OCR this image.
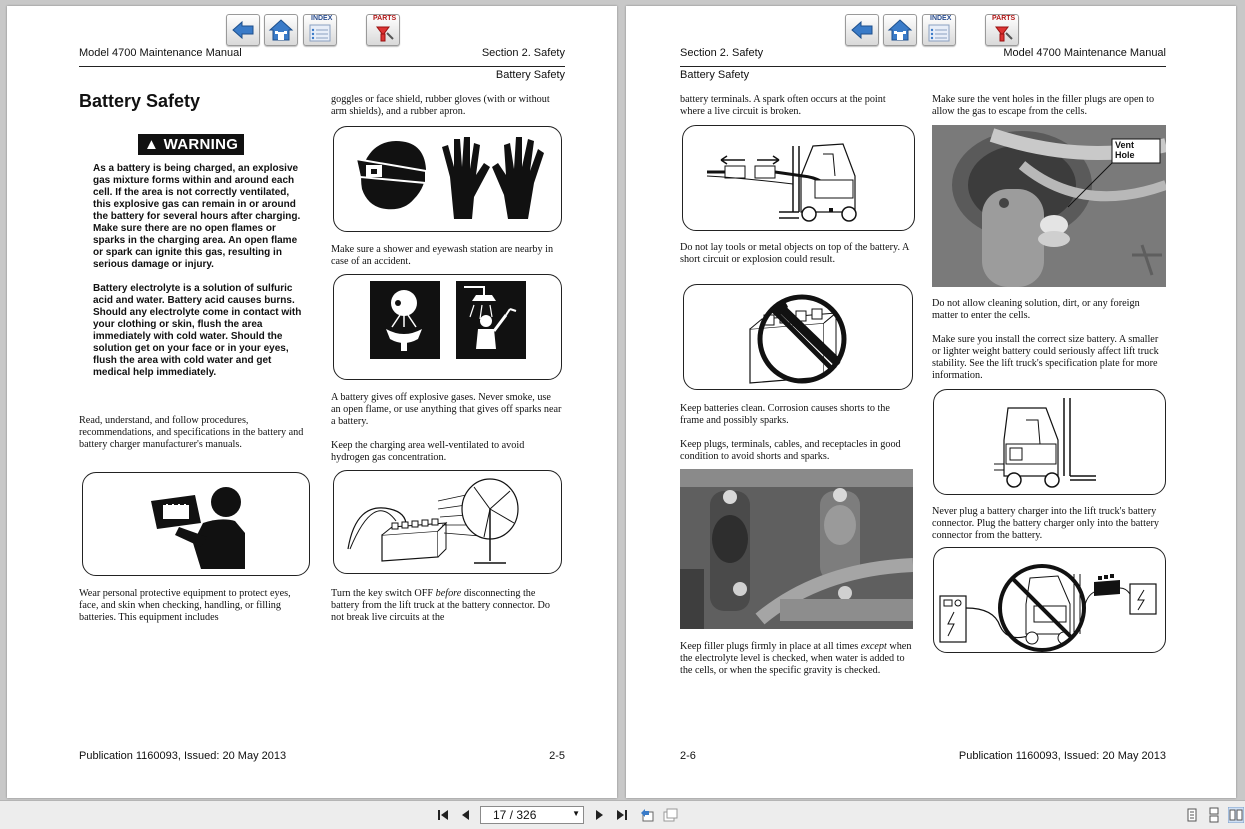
INDEX	PARTS
Model 4700 Maintenance Manual	Section 2. Safety
Battery Safety
Battery Safety
▲ WARNING

As a battery is being charged, an explosive gas mixture forms within and around each cell. If the area is not correctly ventilated, this explosive gas can remain in or around the battery for several hours after charging. Make sure there are no open flames or sparks in the charging area. An open flame or spark can ignite this gas, resulting in serious damage or injury.

Battery electrolyte is a solution of sulfuric acid and water. Battery acid causes burns. Should any electrolyte come in contact with your clothing or skin, flush the area immediately with cold water. Should the solution get on your face or in your eyes, flush the area with cold water and get medical help immediately.

Read, understand, and follow procedures, recommendations, and specifications in the battery and battery charger manufacturer's manuals.
Wear personal protective equipment to protect eyes, face, and skin when checking, handling, or filling batteries. This equipment includes
goggles or face shield, rubber gloves (with or without arm shields), and a rubber apron.
Make sure a shower and eyewash station are nearby in case of an accident.
A battery gives off explosive gases. Never smoke, use an open flame, or use anything that gives off sparks near a battery.
Keep the charging area well-ventilated to avoid hydrogen gas concentration.
Turn the key switch OFF before disconnecting the battery from the lift truck at the battery connector. Do not break live circuits at the
Publication 1160093, Issued: 20 May 2013	2-5
INDEX	PARTS
Section 2. Safety	Model 4700 Maintenance Manual
Battery Safety
battery terminals. A spark often occurs at the point where a live circuit is broken.
Do not lay tools or metal objects on top of the battery. A short circuit or explosion could result.
Keep batteries clean. Corrosion causes shorts to the frame and possibly sparks.
Keep plugs, terminals, cables, and receptacles in good condition to avoid shorts and sparks.
Keep filler plugs firmly in place at all times except when the electrolyte level is checked, when water is added to the cells, or when the specific gravity is checked.
Make sure the vent holes in the filler plugs are open to allow the gas to escape from the cells.
Vent
Hole
Do not allow cleaning solution, dirt, or any foreign matter to enter the cells.
Make sure you install the correct size battery. A smaller or lighter weight battery could seriously affect lift truck stability. See the lift truck's specification plate for more information.
Never plug a battery charger into the lift truck's battery connector. Plug the battery charger only into the battery connector from the battery.
2-6	Publication 1160093, Issued: 20 May 2013
17 / 326	▼
